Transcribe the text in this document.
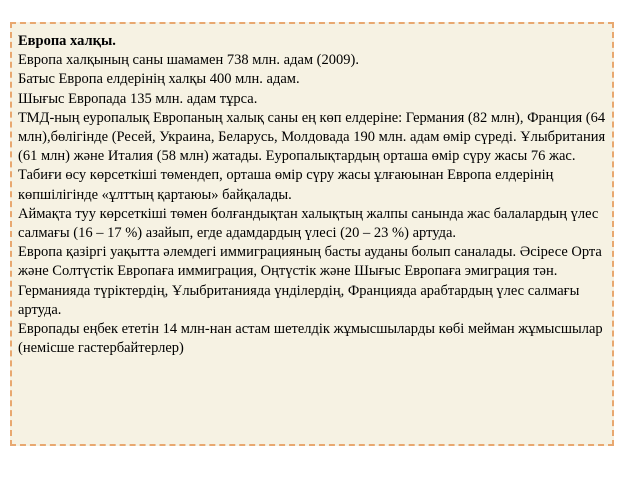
Европа халқы.

Европа халқының саны шамамен 738 млн. адам (2009).

Батыс Европа елдерінің халқы 400 млн. адам.

Шығыс Европада 135 млн. адам тұрса.

ТМД-ның еуропалық Европаның халық саны ең көп елдеріне: Германия (82 млн), Франция (64 млн),бөлігінде (Ресей, Украина, Беларусь, Молдовада 190 млн. адам өмір сүреді. Ұлыбритания (61 млн) және Италия (58 млн) жатады. Еуропалықтардың орташа өмір сүру жасы 76 жас. Табиғи өсу көрсеткіші төмендеп, орташа өмір сүру жасы ұлғаюынан Европа елдерінің көпшілігінде «ұлттың қартаюы» байқалады.

Аймақта туу көрсеткіші төмен болғандықтан халықтың жалпы санында жас балалардың үлес салмағы (16 – 17 %) азайып, егде адамдардың үлесі (20 – 23 %) артуда.

Европа қазіргі уақытта әлемдегі иммиграцияның басты ауданы болып саналады. Әсіресе Орта және Солтүстік Европаға иммиграция, Оңтүстік және Шығыс Европаға эмиграция тән. Германияда түріктердің, Ұлыбританияда үнділердің, Францияда арабтардың үлес салмағы артуда.

Европады еңбек ететін 14 млн-нан астам шетелдік жұмысшыларды көбі мейман жұмысшылар (немісше гастербайтерлер)
